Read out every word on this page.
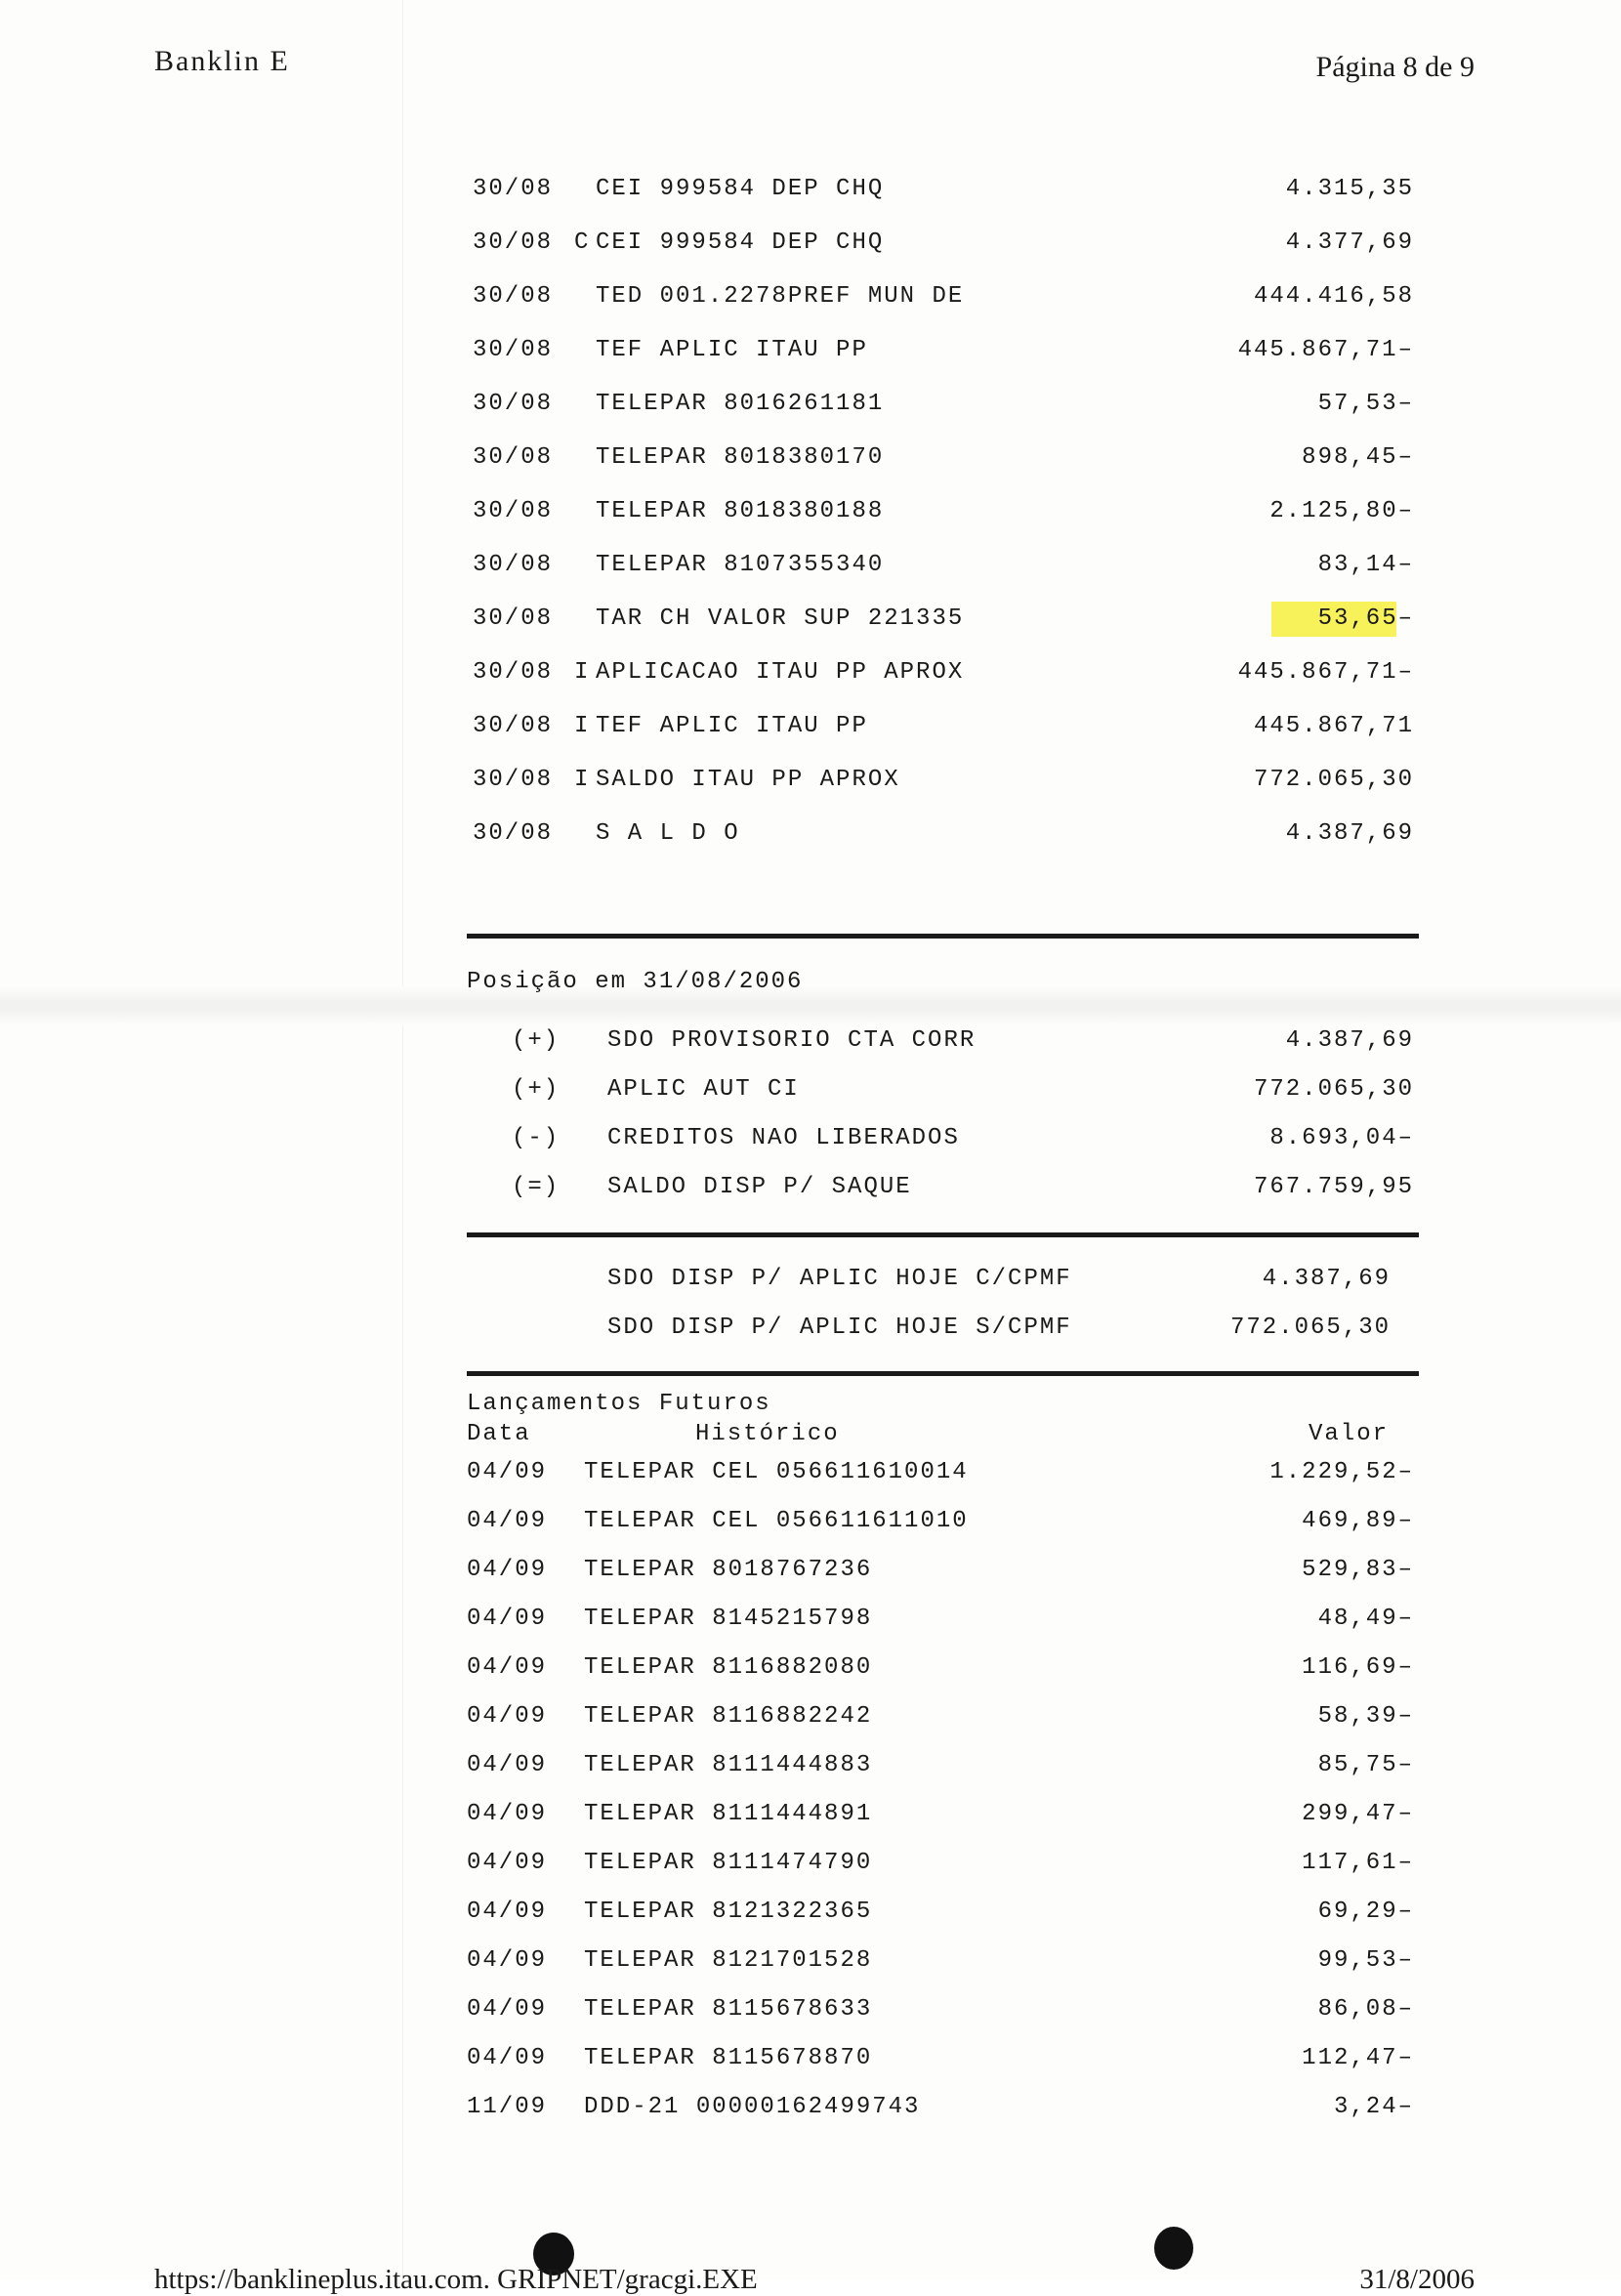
Banklin E	Página 8 de 9
30/08 CEI 999584 DEP CHQ	4.315,35
30/08 C CEI 999584 DEP CHQ	4.377,69
30/08 TED 001.2278PREF MUN DE	444.416,58
30/08 TEF APLIC ITAU PP	445.867,71–
30/08 TELEPAR 8016261181	57,53–
30/08 TELEPAR 8018380170	898,45–
30/08 TELEPAR 8018380188	2.125,80–
30/08 TELEPAR 8107355340	83,14–
30/08 TAR CH VALOR SUP 221335	53,65–
30/08 I APLICACAO ITAU PP APROX	445.867,71–
30/08 I TEF APLIC ITAU PP	445.867,71
30/08 I SALDO ITAU PP APROX	772.065,30
30/08 S A L D O	4.387,69
Posição em 31/08/2006
(+) SDO PROVISORIO CTA CORR	4.387,69
(+) APLIC AUT CI	772.065,30
(-) CREDITOS NAO LIBERADOS	8.693,04–
(=) SALDO DISP P/ SAQUE	767.759,95
SDO DISP P/ APLIC HOJE C/CPMF	4.387,69
SDO DISP P/ APLIC HOJE S/CPMF	772.065,30
Lançamentos Futuros
Data	Histórico	Valor
04/09 TELEPAR CEL 056611610014	1.229,52–
04/09 TELEPAR CEL 056611611010	469,89–
04/09 TELEPAR 8018767236	529,83–
04/09 TELEPAR 8145215798	48,49–
04/09 TELEPAR 8116882080	116,69–
04/09 TELEPAR 8116882242	58,39–
04/09 TELEPAR 8111444883	85,75–
04/09 TELEPAR 8111444891	299,47–
04/09 TELEPAR 8111474790	117,61–
04/09 TELEPAR 8121322365	69,29–
04/09 TELEPAR 8121701528	99,53–
04/09 TELEPAR 8115678633	86,08–
04/09 TELEPAR 8115678870	112,47–
11/09 DDD-21 00000162499743	3,24–
https://banklineplus.itau.com. GRIPNET/gracgi.EXE	31/8/2006
